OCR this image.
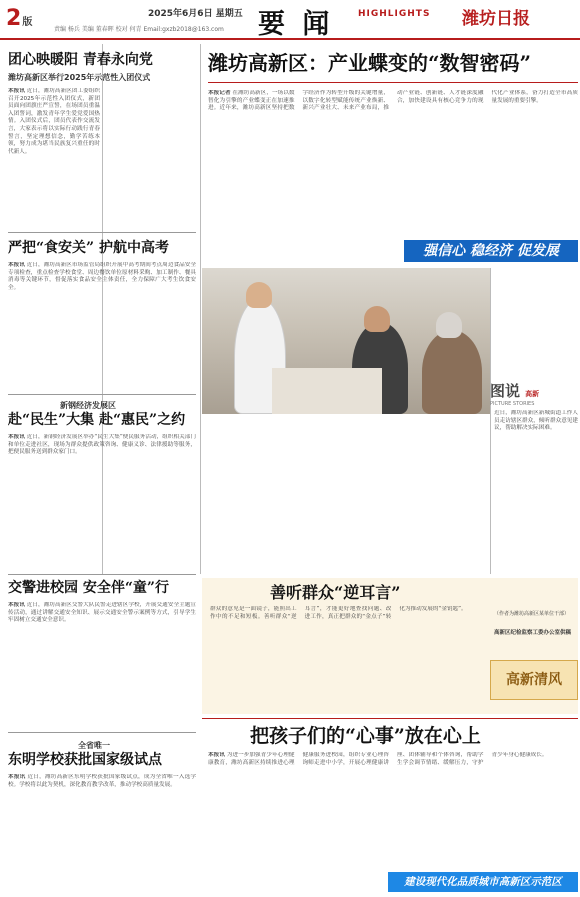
2版
责编 杨兵 美编 董春晖 校对 何青 Email:gxzb2018@163.com
2025年6月6日 星期五 要 闻	HIGHLIGHTS 潍坊日报
团心映暖阳 青春永向党
潍坊高新区举行2025年示范性入团仪式
本报讯 近日，潍坊高新区团工委组织召开2025年示范性入团仪式，新团员面向团旗庄严宣誓，在场团员重温入团誓词，激发青年学生爱党爱国热情。入团仪式后，团员代表作交流发言，大家表示将以实际行动践行青春誓言，坚定理想信念，勤学苦练本领，努力成为堪当民族复兴重任的时代新人。
严把“食安关” 护航中高考
本报讯 近日，潍坊高新区市场监管局组织开展中高考期间考点周边食品安全专项检查，重点检查学校食堂、周边餐饮单位原材料采购、加工制作、餐具消毒等关键环节，督促落实食品安全主体责任，全力保障广大考生饮食安全。
新钢经济发展区
赴“民生”大集 赴“惠民”之约
本报讯 近日，新钢经济发展区举办“民生大集”便民服务活动，组织相关部门和单位走进社区，现场为群众提供政策咨询、健康义诊、法律援助等服务，把便民服务送到群众家门口。
交警进校园 安全伴“童”行
本报讯 近日，潍坊高新区交警大队民警走进辖区学校，开展交通安全主题宣传活动，通过讲解交通安全知识、展示交通安全警示案例等方式，引导学生牢固树立交通安全意识。
全省唯一
东明学校获批国家级试点
本报讯 近日，潍坊高新区东明学校获批国家级试点，成为全省唯一入选学校。学校将以此为契机，深化教育教学改革，推动学校高质量发展。
潍坊高新区：产业蝶变的“数智密码”
本报记者 在潍坊高新区，一场以数智化为引擎的产业蝶变正在加速推进。近年来，潍坊高新区坚持把数字经济作为转型升级的关键增量，以数字化转型赋能传统产业焕新、新兴产业壮大、未来产业布局，推动产业链、创新链、人才链深度融合，加快建设具有核心竞争力的现代化产业体系，奋力打造全市高质量发展的重要引擎。
强信心 稳经济 促发展
图说 高新
PICTURE STORIES
近日，潍坊高新区新城街道工作人员走访辖区群众，倾听群众意见建议，帮助解决实际困难。
善听群众“逆耳言”
群众的意见是一面镜子，能照出工作中的不足和短板。善听群众“逆耳言”，才能更好地查找问题、改进工作，真正把群众的“金点子”转化为推动发展的“金钥匙”。
（作者为潍坊高新区某单位干部）
高新区纪检监察工委办公室供稿
高新清风
把孩子们的“心事”放在心上
本报讯 为进一步加强青少年心理健康教育，潍坊高新区持续推进心理健康服务进校园，组织专业心理咨询师走进中小学，开展心理健康讲座、团体辅导和个体咨询，帮助学生学会调节情绪、缓解压力，守护青少年身心健康成长。
建设现代化品质城市高新区示范区
